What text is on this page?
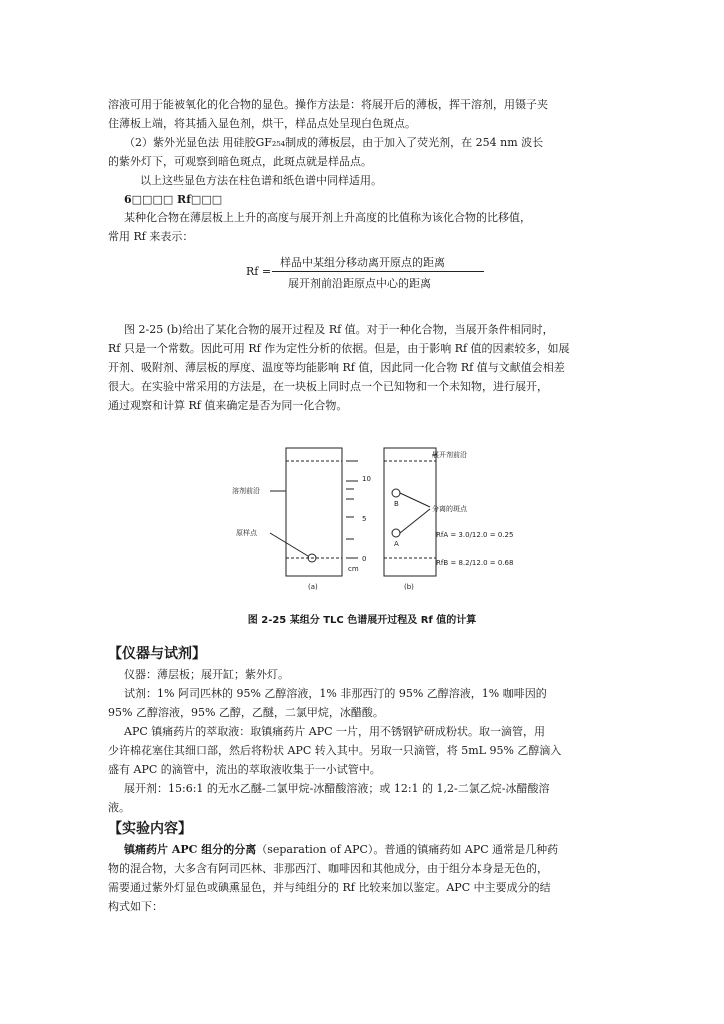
溶液可用于能被氧化的化合物的显色。操作方法是：将展开后的薄板，挥干溶剂，用镊子夹
住薄板上端，将其插入显色剂，烘干，样品点处呈现白色斑点。
（2）紫外光显色法 用硅胶GF₂₅₄制成的薄板层，由于加入了荧光剂，在 254 nm 波长
的紫外灯下，可观察到暗色斑点，此斑点就是样品点。
以上这些显色方法在柱色谱和纸色谱中同样适用。
6□□□□ Rf□□□
某种化合物在薄层板上上升的高度与展开剂上升高度的比值称为该化合物的比移值，
常用 Rf 来表示：
Rf =
样品中某组分移动离开原点的距离
展开剂前沿距原点中心的距离
图 2-25 (b)给出了某化合物的展开过程及 Rf 值。对于一种化合物，当展开条件相同时，
Rf 只是一个常数。因此可用 Rf 作为定性分析的依据。但是，由于影响 Rf 值的因素较多，如展
开剂、吸附剂、薄层板的厚度、温度等均能影响 Rf 值，因此同一化合物 Rf 值与文献值会相差
很大。在实验中常采用的方法是，在一块板上同时点一个已知物和一个未知物，进行展开，
通过观察和计算 Rf 值来确定是否为同一化合物。
溶剂前沿
原样点
(a)
10
5
0
cm
B
A
展开剂前沿
分离的斑点
(b)
RfA = 3.0/12.0 = 0.25
RfB = 8.2/12.0 = 0.68
图 2-25 某组分 TLC 色谱展开过程及 Rf 值的计算
【仪器与试剂】
仪器：薄层板；展开缸；紫外灯。
试剂：1% 阿司匹林的 95% 乙醇溶液，1% 非那西汀的 95% 乙醇溶液，1% 咖啡因的
95% 乙醇溶液，95% 乙醇，乙醚，二氯甲烷，冰醋酸。
APC 镇痛药片的萃取液：取镇痛药片 APC 一片，用不锈钢铲研成粉状。取一滴管，用
少许棉花塞住其细口部，然后将粉状 APC 转入其中。另取一只滴管，将 5mL 95% 乙醇滴入
盛有 APC 的滴管中，流出的萃取液收集于一小试管中。
展开剂：15:6:1 的无水乙醚-二氯甲烷-冰醋酸溶液；或 12:1 的 1,2-二氯乙烷-冰醋酸溶
液。
【实验内容】
镇痛药片 APC 组分的分离（separation of APC）。普通的镇痛药如 APC 通常是几种药
物的混合物，大多含有阿司匹林、非那西汀、咖啡因和其他成分，由于组分本身是无色的，
需要通过紫外灯显色或碘熏显色，并与纯组分的 Rf 比较来加以鉴定。APC 中主要成分的结
构式如下：
